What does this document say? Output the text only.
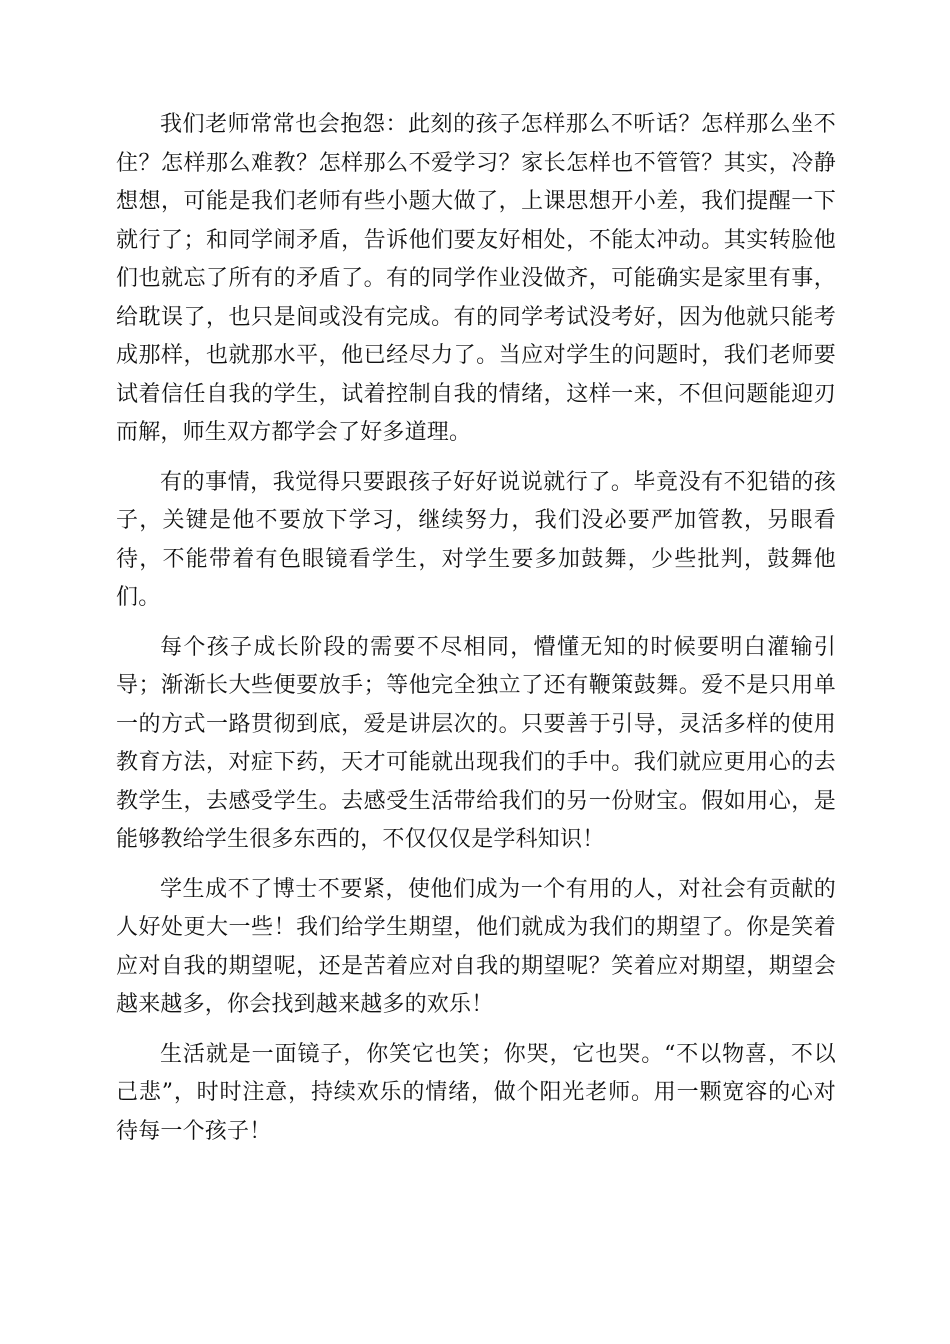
我们老师常常也会抱怨：此刻的孩子怎样那么不听话？怎样那么坐不住？怎样那么难教？怎样那么不爱学习？家长怎样也不管管？其实，冷静想想，可能是我们老师有些小题大做了，上课思想开小差，我们提醒一下就行了；和同学闹矛盾，告诉他们要友好相处，不能太冲动。其实转脸他们也就忘了所有的矛盾了。有的同学作业没做齐，可能确实是家里有事，给耽误了，也只是间或没有完成。有的同学考试没考好，因为他就只能考成那样，也就那水平，他已经尽力了。当应对学生的问题时，我们老师要试着信任自我的学生，试着控制自我的情绪，这样一来，不但问题能迎刃而解，师生双方都学会了好多道理。

有的事情，我觉得只要跟孩子好好说说就行了。毕竟没有不犯错的孩子，关键是他不要放下学习，继续努力，我们没必要严加管教，另眼看待，不能带着有色眼镜看学生，对学生要多加鼓舞，少些批判，鼓舞他们。

每个孩子成长阶段的需要不尽相同，懵懂无知的时候要明白灌输引导；渐渐长大些便要放手；等他完全独立了还有鞭策鼓舞。爱不是只用单一的方式一路贯彻到底，爱是讲层次的。只要善于引导，灵活多样的使用教育方法，对症下药，天才可能就出现我们的手中。我们就应更用心的去教学生，去感受学生。去感受生活带给我们的另一份财宝。假如用心，是能够教给学生很多东西的，不仅仅仅是学科知识！

学生成不了博士不要紧，使他们成为一个有用的人，对社会有贡献的人好处更大一些！我们给学生期望，他们就成为我们的期望了。你是笑着应对自我的期望呢，还是苦着应对自我的期望呢？笑着应对期望，期望会越来越多，你会找到越来越多的欢乐！

生活就是一面镜子，你笑它也笑；你哭，它也哭。“不以物喜，不以己悲”，时时注意，持续欢乐的情绪，做个阳光老师。用一颗宽容的心对待每一个孩子！
